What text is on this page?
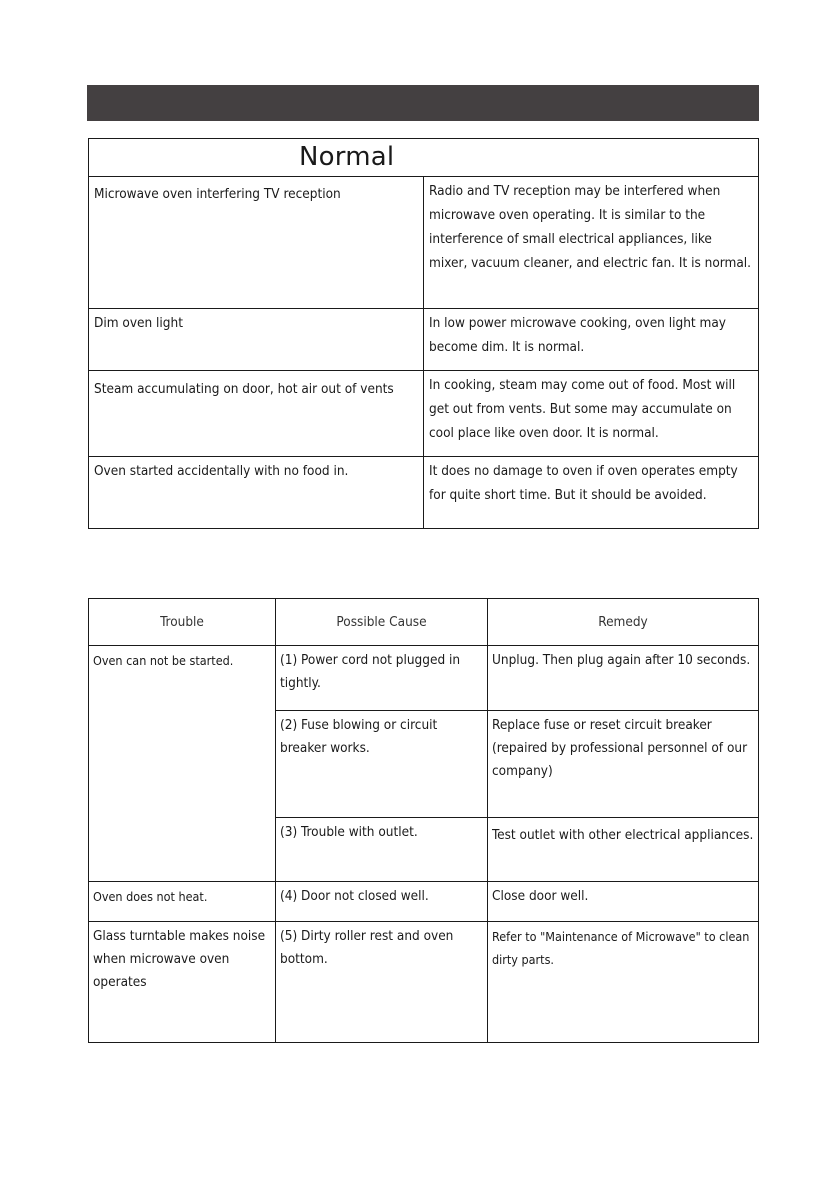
Normal	
Microwave oven interfering TV reception	Radio and TV reception may be interfered when microwave oven operating. It is similar to the interference of small electrical appliances, like mixer, vacuum cleaner, and electric fan. It is normal.
Dim oven light	In low power microwave cooking, oven light may become dim. It is normal.
Steam accumulating on door, hot air out of vents	In cooking, steam may come out of food. Most will get out from vents. But some may accumulate on cool place like oven door. It is normal.
Oven started accidentally with no food in.	It does no damage to oven if oven operates empty for quite short time. But it should be avoided.
Trouble	Possible Cause	Remedy
Oven can not be started.	(1) Power cord not plugged in tightly.	Unplug. Then plug again after 10 seconds.
	(2) Fuse blowing or circuit breaker works.	Replace fuse or reset circuit breaker (repaired by professional personnel of our company)
	(3) Trouble with outlet.	Test outlet with other electrical appliances.
Oven does not heat.	(4) Door not closed well.	Close door well.
Glass turntable makes noise when microwave oven operates	(5) Dirty roller rest and oven bottom.	Refer to "Maintenance of Microwave" to clean dirty parts.
